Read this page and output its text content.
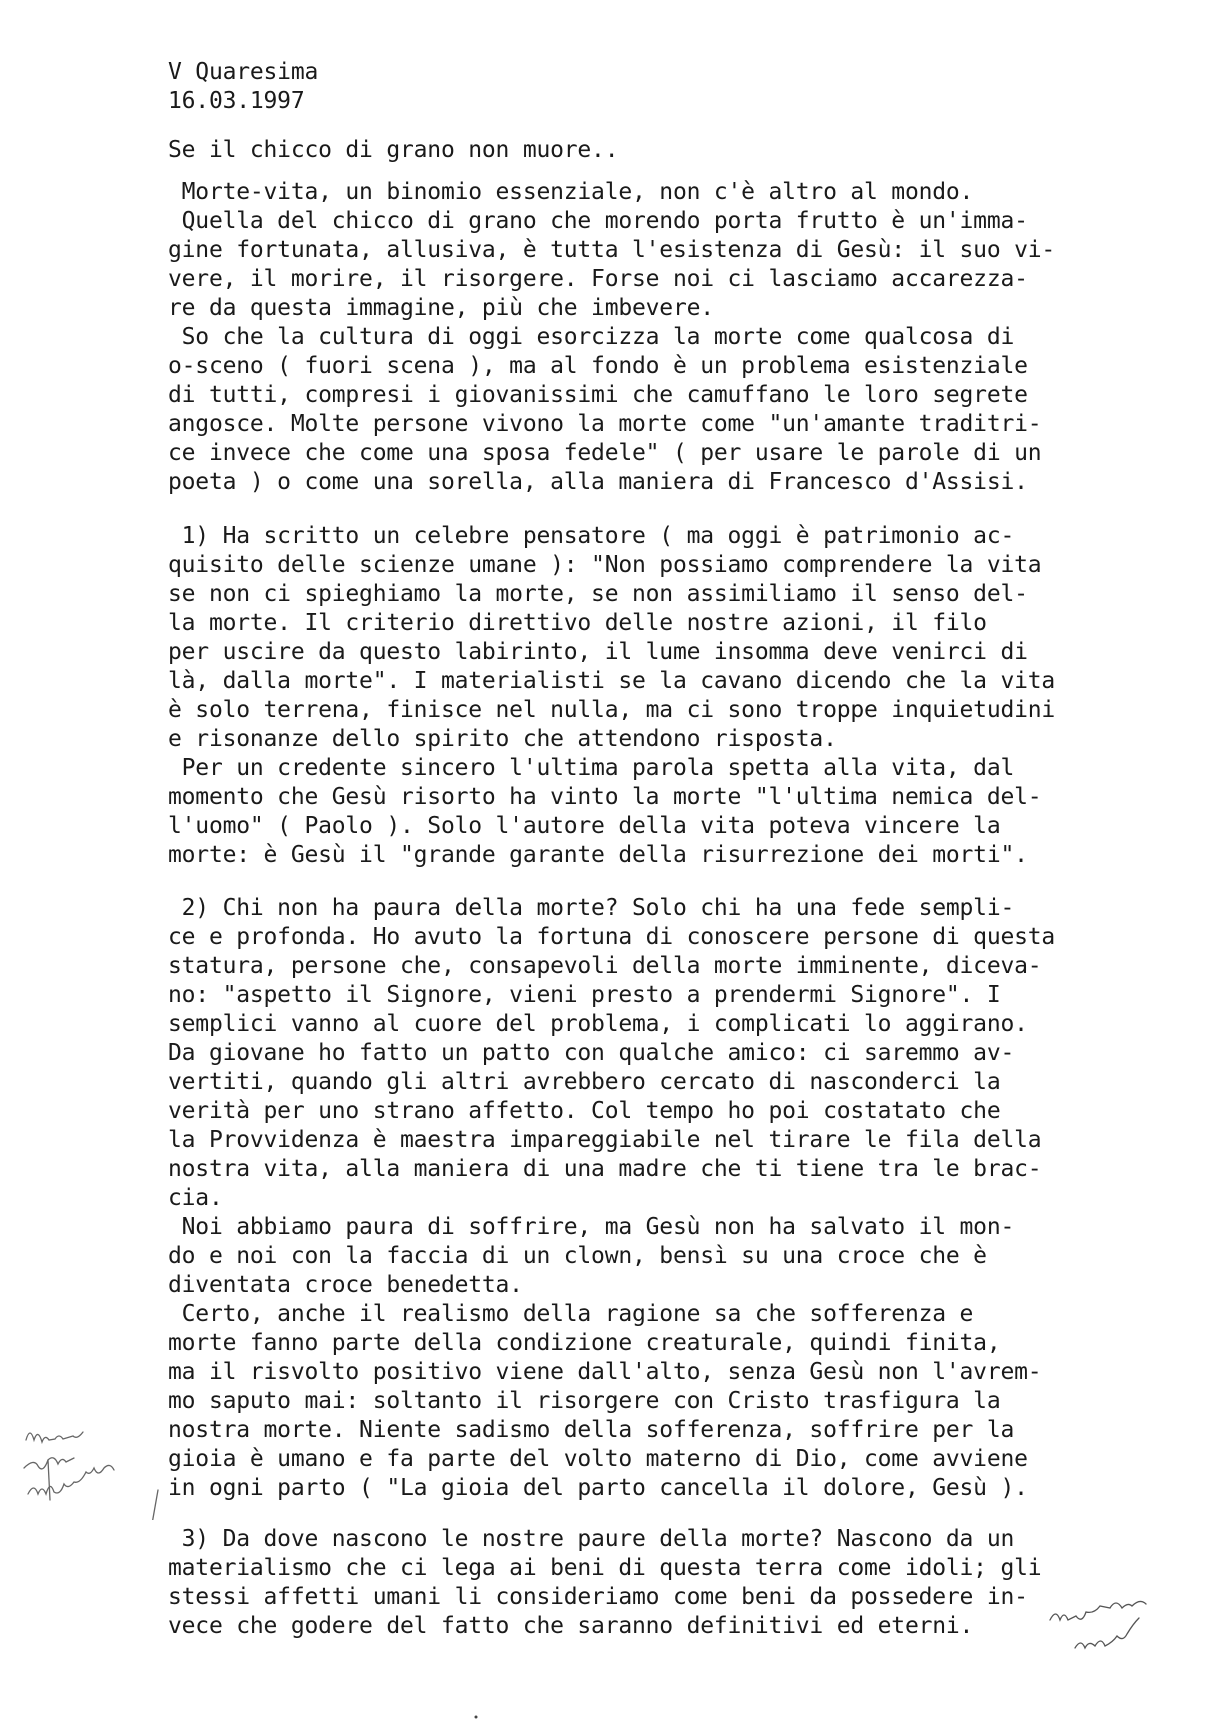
V Quaresima

16.03.1997

Se il chicco di grano non muore..

Morte-vita, un binomio essenziale, non c'è altro al mondo.

Quella del chicco di grano che morendo porta frutto è un'imma-

gine fortunata, allusiva, è tutta l'esistenza di Gesù: il suo vi-

vere, il morire, il risorgere. Forse noi ci lasciamo accarezza-

re da questa immagine, più che imbevere.

So che la cultura di oggi esorcizza la morte come qualcosa di

o-sceno ( fuori scena ), ma al fondo è un problema esistenziale

di tutti, compresi i giovanissimi che camuffano le loro segrete

angosce. Molte persone vivono la morte come "un'amante traditri-

ce invece che come una sposa fedele" ( per usare le parole di un

poeta ) o come una sorella, alla maniera di Francesco d'Assisi.

1) Ha scritto un celebre pensatore ( ma oggi è patrimonio ac-

quisito delle scienze umane ): "Non possiamo comprendere la vita

se non ci spieghiamo la morte, se non assimiliamo il senso del-

la morte. Il criterio direttivo delle nostre azioni, il filo

per uscire da questo labirinto, il lume insomma deve venirci di

là, dalla morte". I materialisti se la cavano dicendo che la vita

è solo terrena, finisce nel nulla, ma ci sono troppe inquietudini

e risonanze dello spirito che attendono risposta.

Per un credente sincero l'ultima parola spetta alla vita, dal

momento che Gesù risorto ha vinto la morte "l'ultima nemica del-

l'uomo" ( Paolo ). Solo l'autore della vita poteva vincere la

morte: è Gesù il "grande garante della risurrezione dei morti".

2) Chi non ha paura della morte? Solo chi ha una fede sempli-

ce e profonda. Ho avuto la fortuna di conoscere persone di questa

statura, persone che, consapevoli della morte imminente, diceva-

no: "aspetto il Signore, vieni presto a prendermi Signore". I

semplici vanno al cuore del problema, i complicati lo aggirano.

Da giovane ho fatto un patto con qualche amico: ci saremmo av-

vertiti, quando gli altri avrebbero cercato di nasconderci la

verità per uno strano affetto. Col tempo ho poi costatato che

la Provvidenza è maestra impareggiabile nel tirare le fila della

nostra vita, alla maniera di una madre che ti tiene tra le brac-

cia.

Noi abbiamo paura di soffrire, ma Gesù non ha salvato il mon-

do e noi con la faccia di un clown, bensì su una croce che è

diventata croce benedetta.

Certo, anche il realismo della ragione sa che sofferenza e

morte fanno parte della condizione creaturale, quindi finita,

ma il risvolto positivo viene dall'alto, senza Gesù non l'avrem-

mo saputo mai: soltanto il risorgere con Cristo trasfigura la

nostra morte. Niente sadismo della sofferenza, soffrire per la

gioia è umano e fa parte del volto materno di Dio, come avviene

in ogni parto ( "La gioia del parto cancella il dolore, Gesù ).

3) Da dove nascono le nostre paure della morte? Nascono da un

materialismo che ci lega ai beni di questa terra come idoli; gli

stessi affetti umani li consideriamo come beni da possedere in-

vece che godere del fatto che saranno definitivi ed eterni.
